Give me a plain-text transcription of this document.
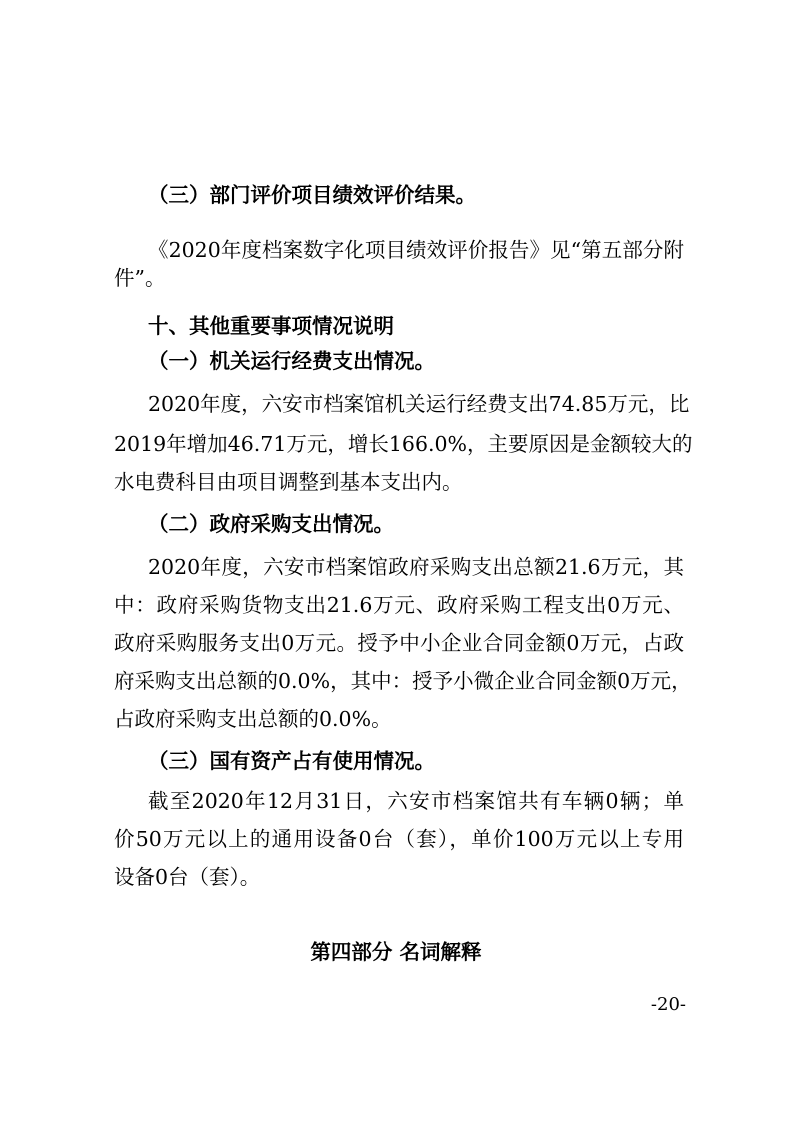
（三）部门评价项目绩效评价结果。
《2020年度档案数字化项目绩效评价报告》见“第五部分附
件”。
十、其他重要事项情况说明
（一）机关运行经费支出情况。
2020年度，六安市档案馆机关运行经费支出74.85万元，比
2019年增加46.71万元，增长166.0%，主要原因是金额较大的
水电费科目由项目调整到基本支出内。
（二）政府采购支出情况。
2020年度，六安市档案馆政府采购支出总额21.6万元，其
中：政府采购货物支出21.6万元、政府采购工程支出0万元、
政府采购服务支出0万元。授予中小企业合同金额0万元，占政
府采购支出总额的0.0%，其中：授予小微企业合同金额0万元，
占政府采购支出总额的0.0%。
（三）国有资产占有使用情况。
截至2020年12月31日，六安市档案馆共有车辆0辆；单
价50万元以上的通用设备0台（套），单价100万元以上专用
设备0台（套）。
第四部分 名词解释
-20-
